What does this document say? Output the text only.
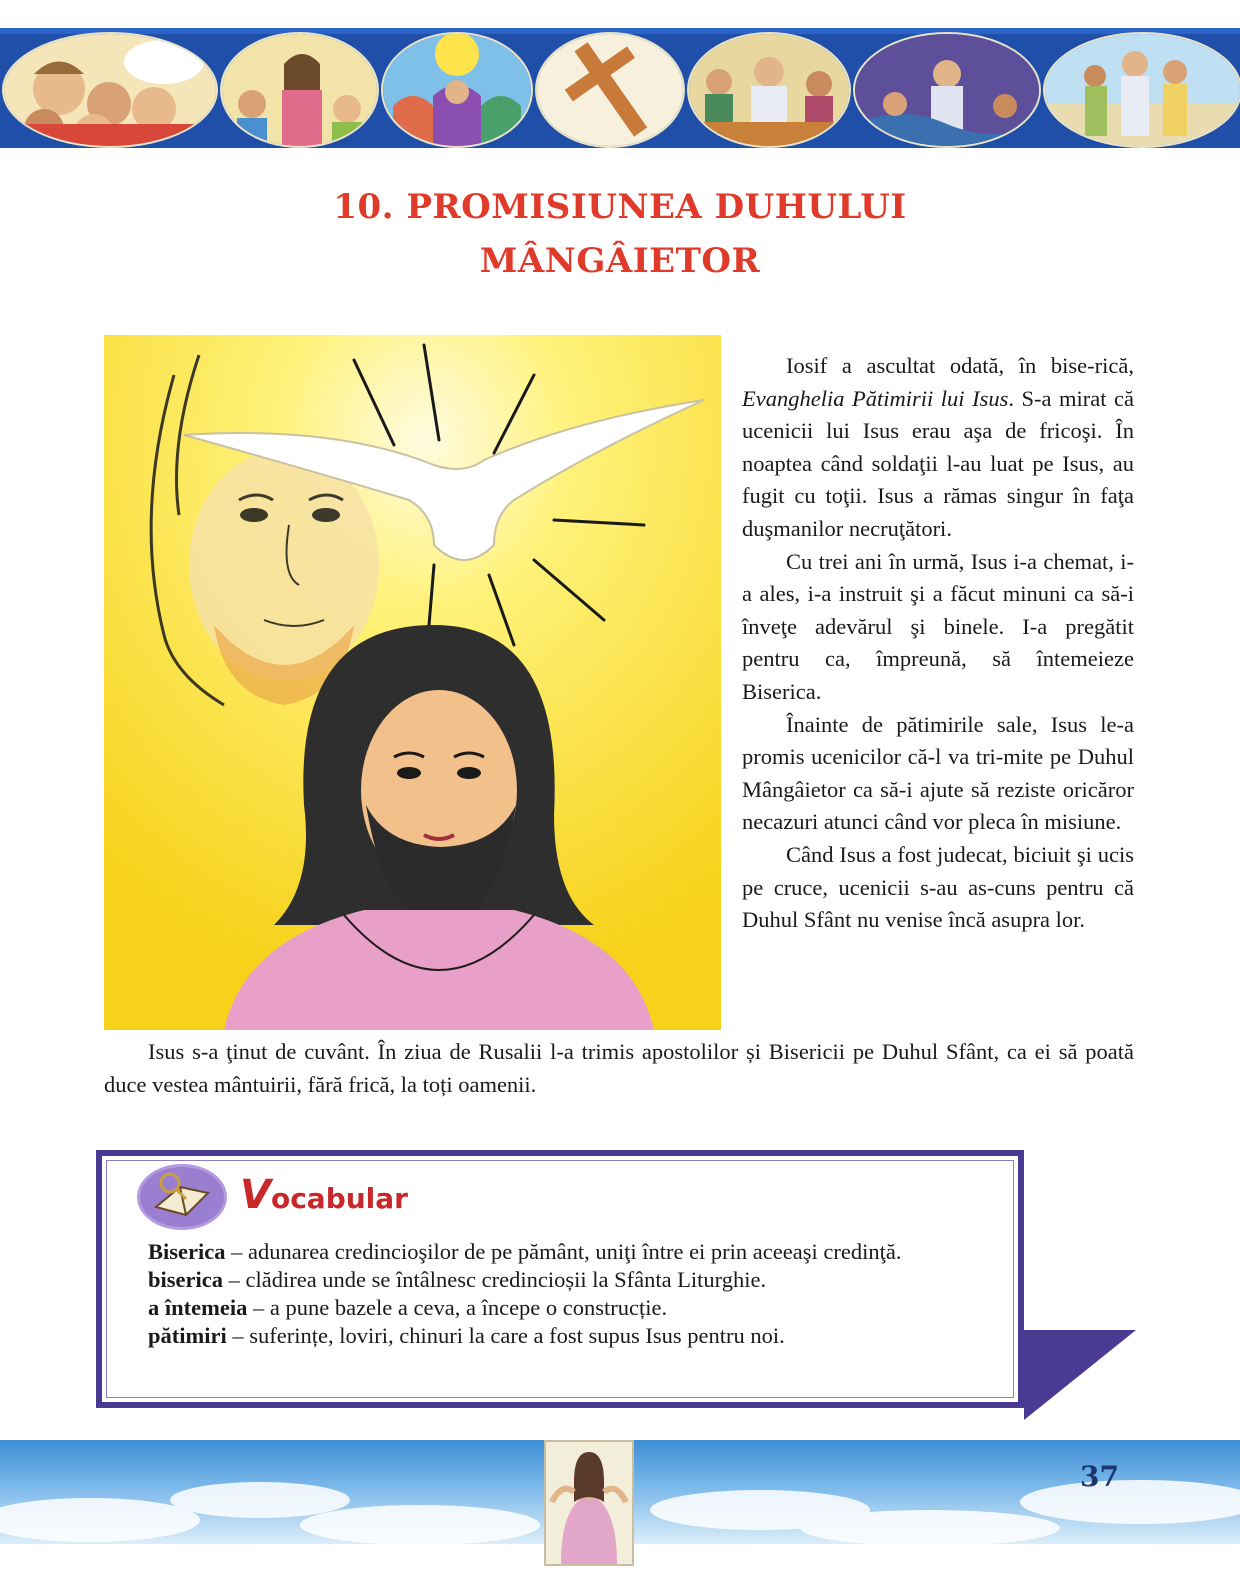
10. PROMISIUNEA DUHULUI
MÂNGÂIETOR

Iosif a ascultat odată, în bise-rică, Evanghelia Pătimirii lui Isus. S-a mirat că ucenicii lui Isus erau aşa de fricoşi. În noaptea când soldaţii l-au luat pe Isus, au fugit cu toţii. Isus a rămas singur în faţa duşmanilor necruţători.

Cu trei ani în urmă, Isus i-a chemat, i-a ales, i-a instruit şi a făcut minuni ca să-i înveţe adevărul şi binele. I-a pregătit pentru ca, împreună, să întemeieze Biserica.

Înainte de pătimirile sale, Isus le-a promis ucenicilor că-l va tri-mite pe Duhul Mângâietor ca să-i ajute să reziste oricăror necazuri atunci când vor pleca în misiune.

Când Isus a fost judecat, biciuit şi ucis pe cruce, ucenicii s-au as-cuns pentru că Duhul Sfânt nu venise încă asupra lor.

Isus s-a ţinut de cuvânt. În ziua de Rusalii l-a trimis apostolilor și Bisericii pe Duhul Sfânt, ca ei să poată duce vestea mântuirii, fără frică, la toți oamenii.

Vocabular

Biserica – adunarea credincioşilor de pe pământ, uniţi între ei prin aceeaşi credinţă.

biserica – clădirea unde se întâlnesc credincioșii la Sfânta Liturghie.

a întemeia – a pune bazele a ceva, a începe o construcție.

pătimiri – suferințe, loviri, chinuri la care a fost supus Isus pentru noi.

37
